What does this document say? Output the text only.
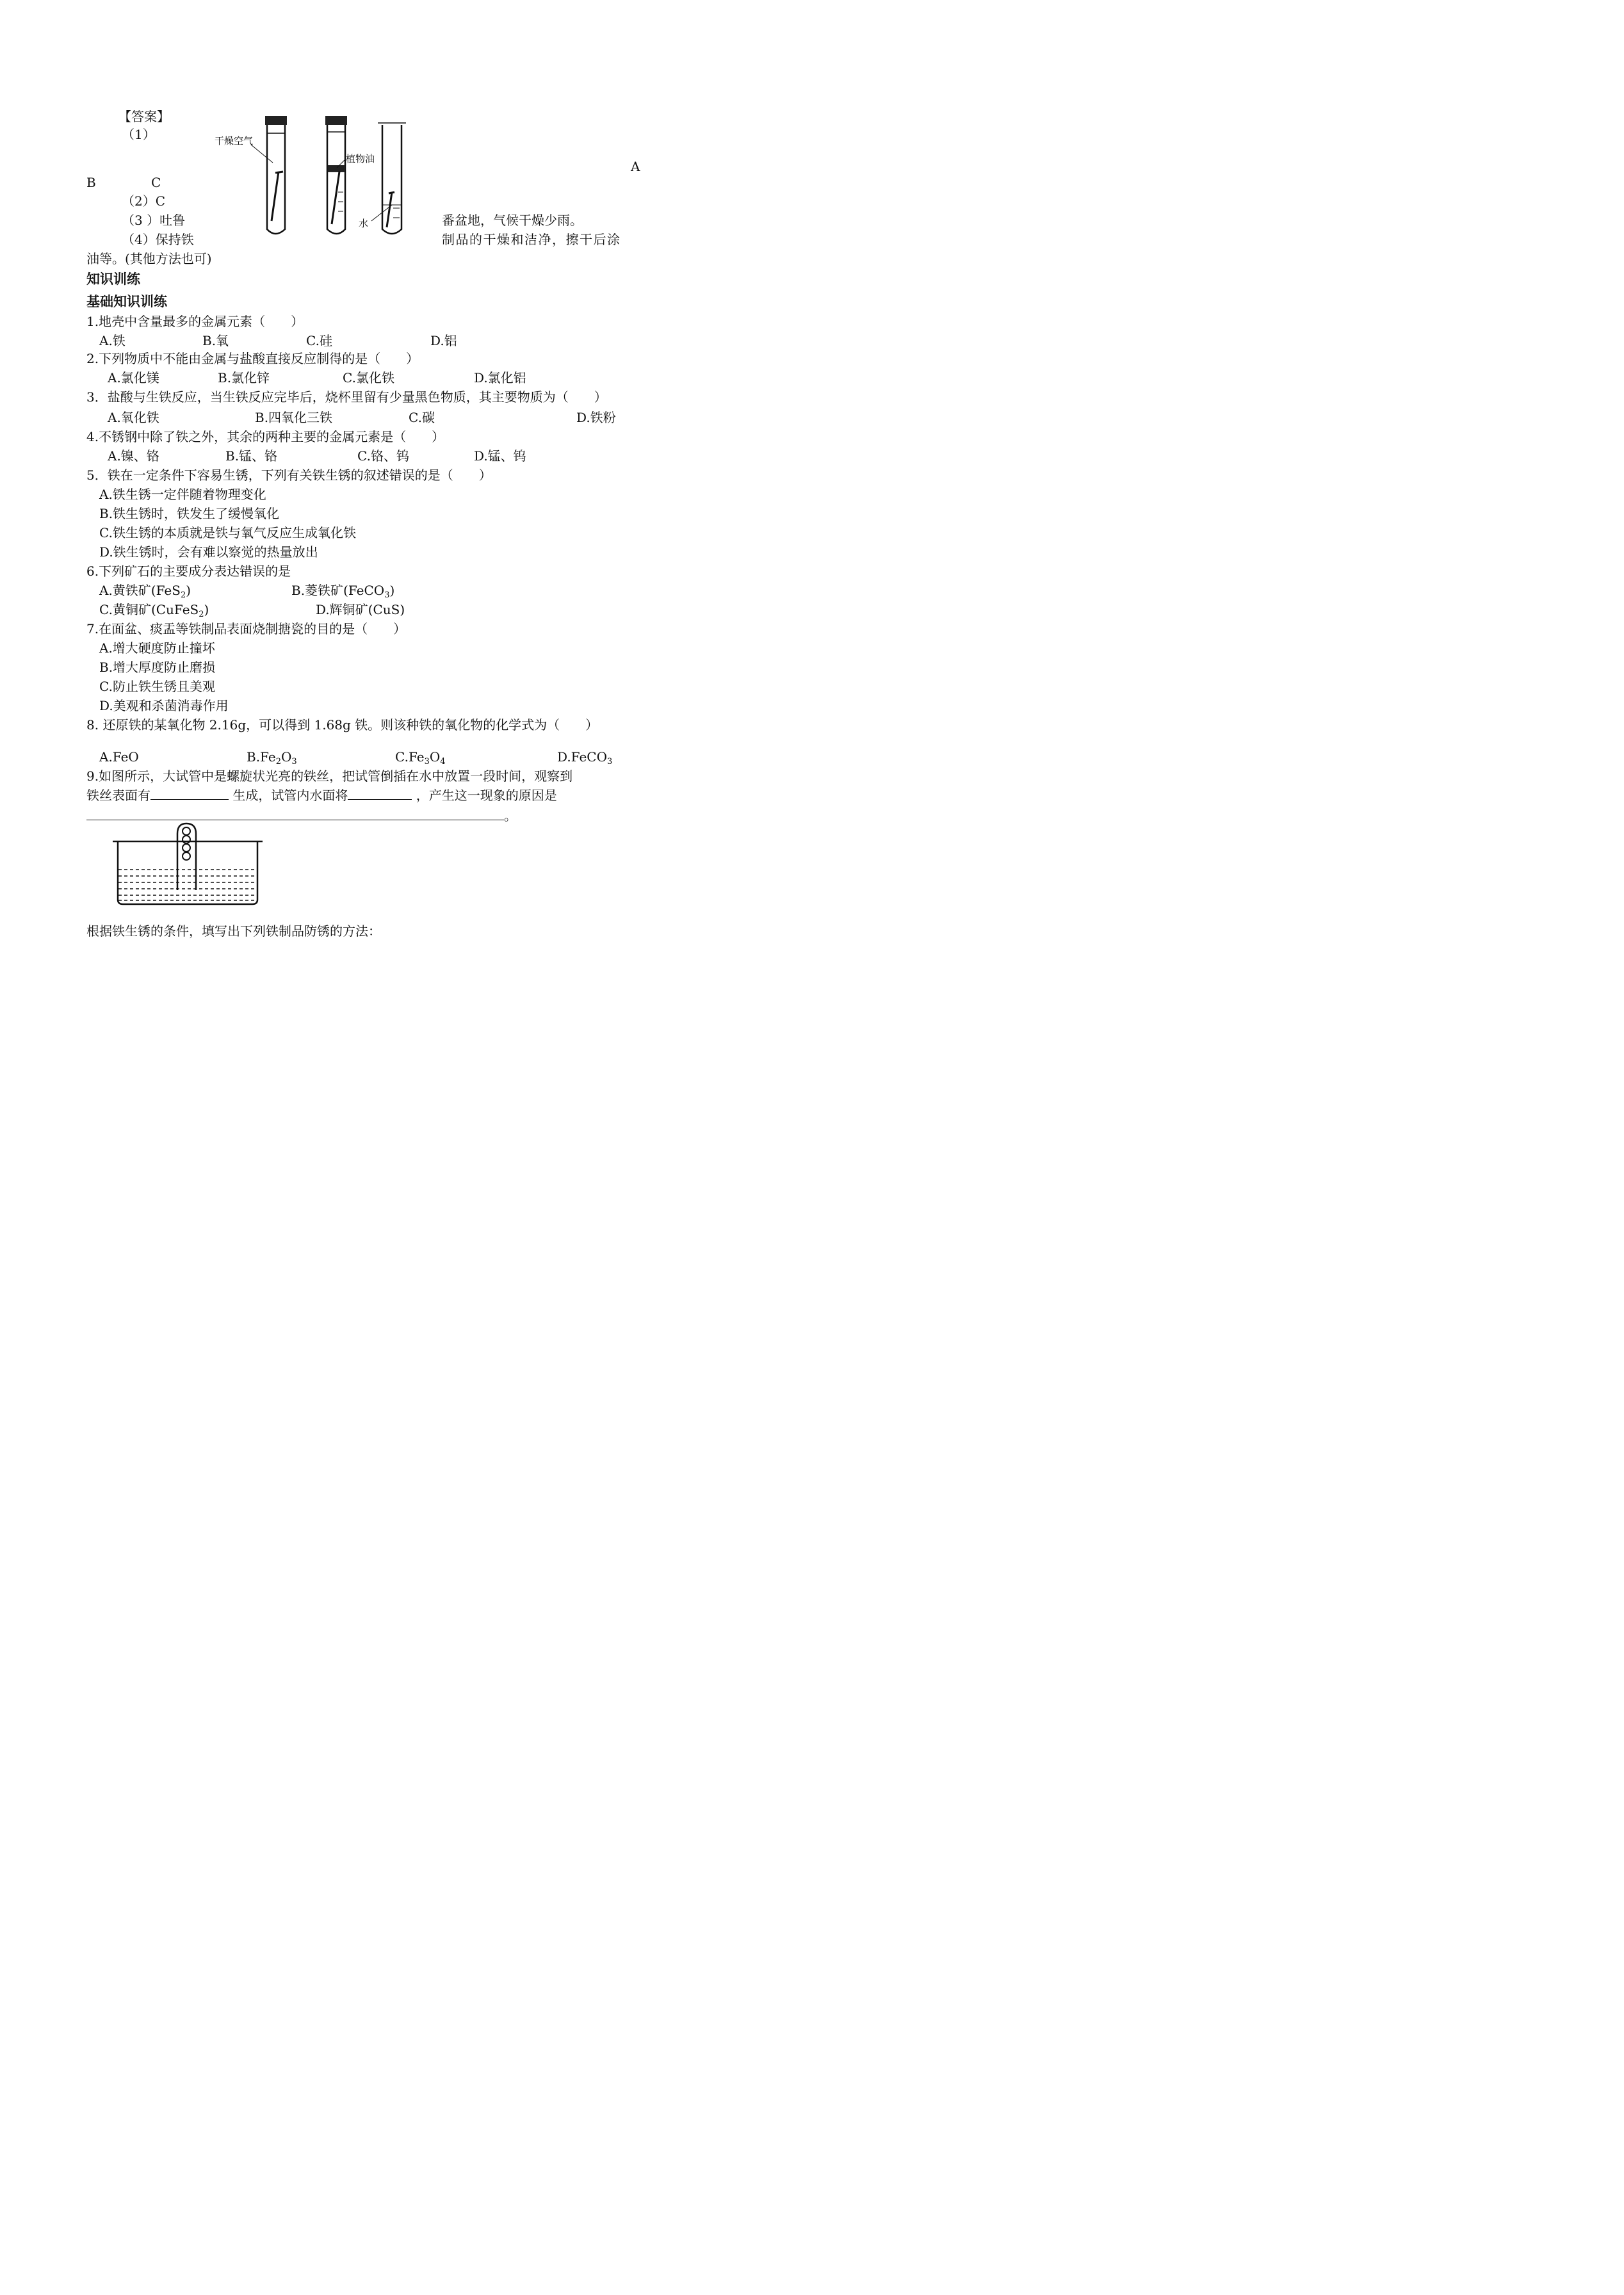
【答案】
（1）
A
B	C
（2）C
（3 ）吐鲁	番盆地，气候干燥少雨。
（4）保持铁	制品的干燥和洁净，擦干后涂
油等。(其他方法也可)
干燥空气
植物油
水
知识训练
基础知识训练
1.地壳中含量最多的金属元素（　　）
A.铁	B.氧	C.硅	D.铝
2.下列物质中不能由金属与盐酸直接反应制得的是（　　）
A.氯化镁	B.氯化锌	C.氯化铁	D.氯化铝
3．盐酸与生铁反应，当生铁反应完毕后，烧杯里留有少量黑色物质，其主要物质为（　　）
A.氧化铁	B.四氧化三铁	C.碳	D.铁粉
4.不锈钢中除了铁之外，其余的两种主要的金属元素是（　　）
A.镍、铬	B.锰、铬	C.铬、钨	D.锰、钨
5．铁在一定条件下容易生锈，下列有关铁生锈的叙述错误的是（　　）
A.铁生锈一定伴随着物理变化
B.铁生锈时，铁发生了缓慢氧化
C.铁生锈的本质就是铁与氧气反应生成氧化铁
D.铁生锈时，会有难以察觉的热量放出
6.下列矿石的主要成分表达错误的是
A.黄铁矿(FeS$_2$)	B.菱铁矿(FeCO$_3$)
C.黄铜矿(CuFeS$_2$)	D.辉铜矿(CuS)
7.在面盆、痰盂等铁制品表面烧制搪瓷的目的是（　　）
A.增大硬度防止撞坏
B.增大厚度防止磨损
C.防止铁生锈且美观
D.美观和杀菌消毒作用
8. 还原铁的某氧化物 2.16g，可以得到 1.68g 铁。则该种铁的氧化物的化学式为（　　）
A.FeO	$B.Fe_2O_3$	$C.Fe_3O_4$	D.FeCO$_3$
9.如图所示，大试管中是螺旋状光亮的铁丝，把试管倒插在水中放置一段时间，观察到
铁丝表面有	生成，试管内水面将	，产生这一现象的原因是
。
根据铁生锈的条件，填写出下列铁制品防锈的方法：
